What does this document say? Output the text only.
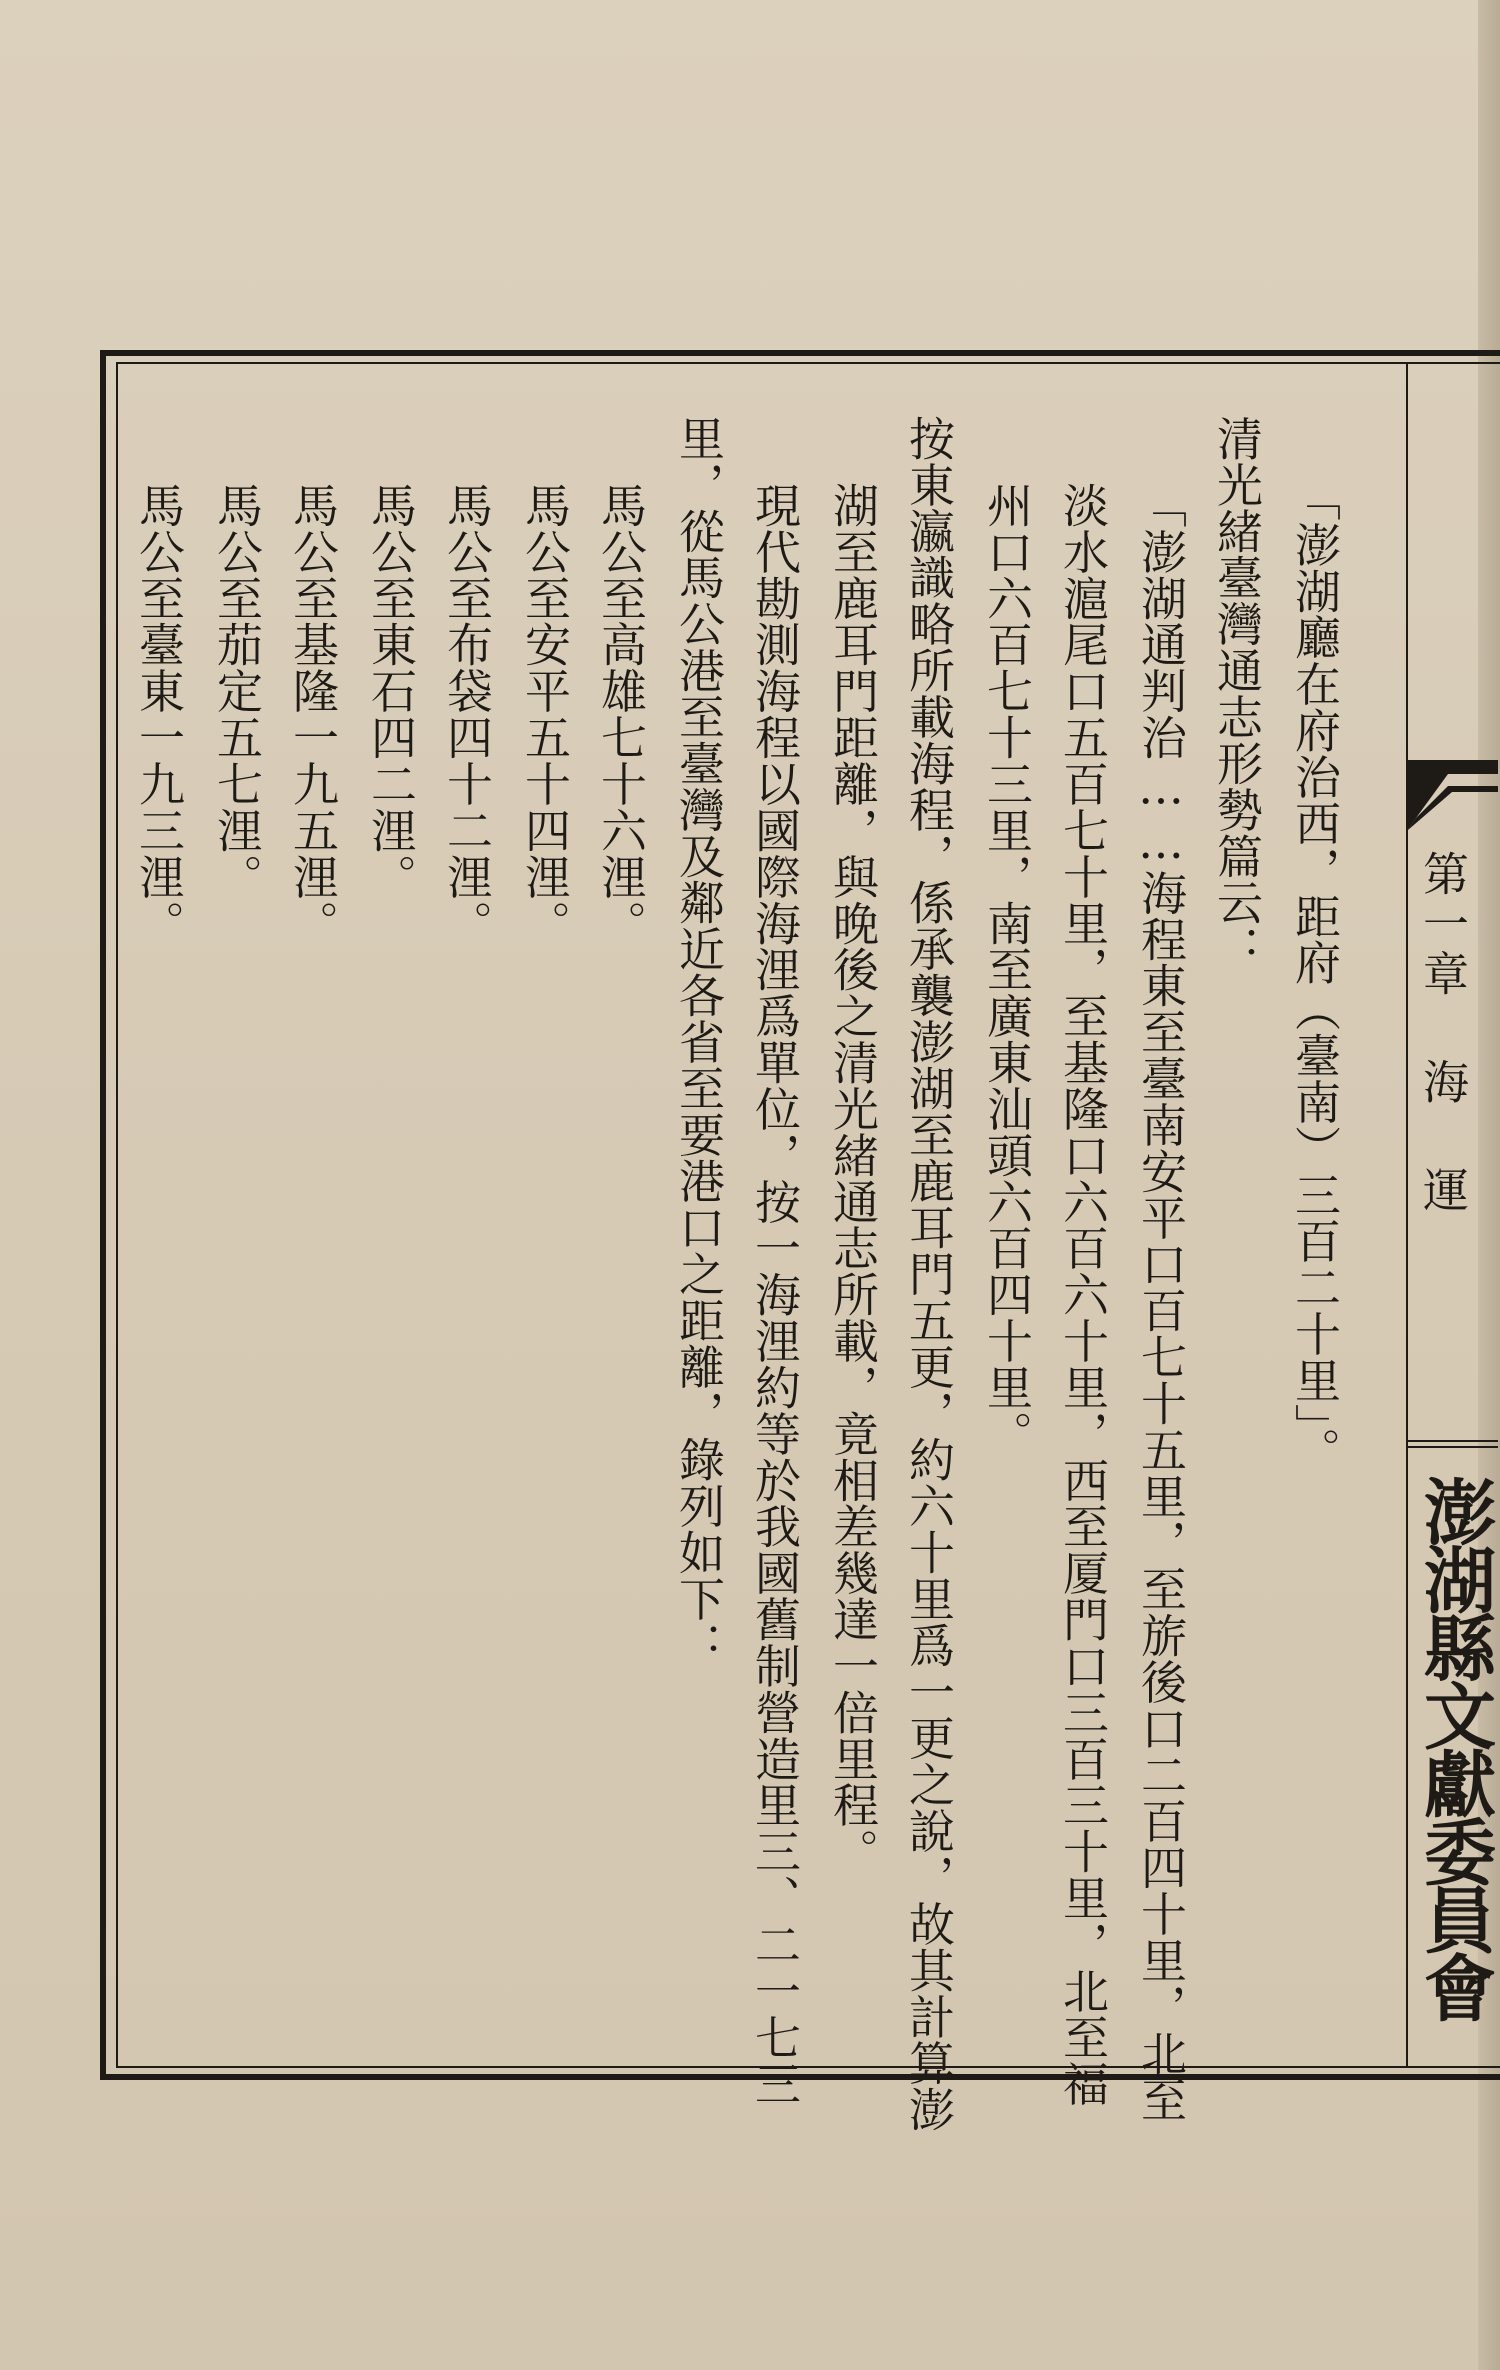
第一章 海 運
澎湖縣文獻委員會
「澎湖廳在府治西，距府（臺南）三百二十里」。
清光緒臺灣通志形勢篇云：
「澎湖通判治……海程東至臺南安平口百七十五里，至旂後口二百四十里，北至
淡水滬尾口五百七十里，至基隆口六百六十里，西至厦門口三百三十里，北至福
州口六百七十三里，南至廣東汕頭六百四十里。
按東瀛識略所載海程，係承襲澎湖至鹿耳門五更，約六十里爲一更之說，故其計算澎
湖至鹿耳門距離，與晚後之清光緒通志所載，竟相差幾達一倍里程。
現代勘測海程以國際海浬爲單位，按一海浬約等於我國舊制營造里三、二一七三
里，從馬公港至臺灣及鄰近各省至要港口之距離，錄列如下：
馬公至高雄七十六浬。
馬公至安平五十四浬。
馬公至布袋四十二浬。
馬公至東石四二浬。
馬公至基隆一九五浬。
馬公至茄定五七浬。
馬公至臺東一九三浬。
